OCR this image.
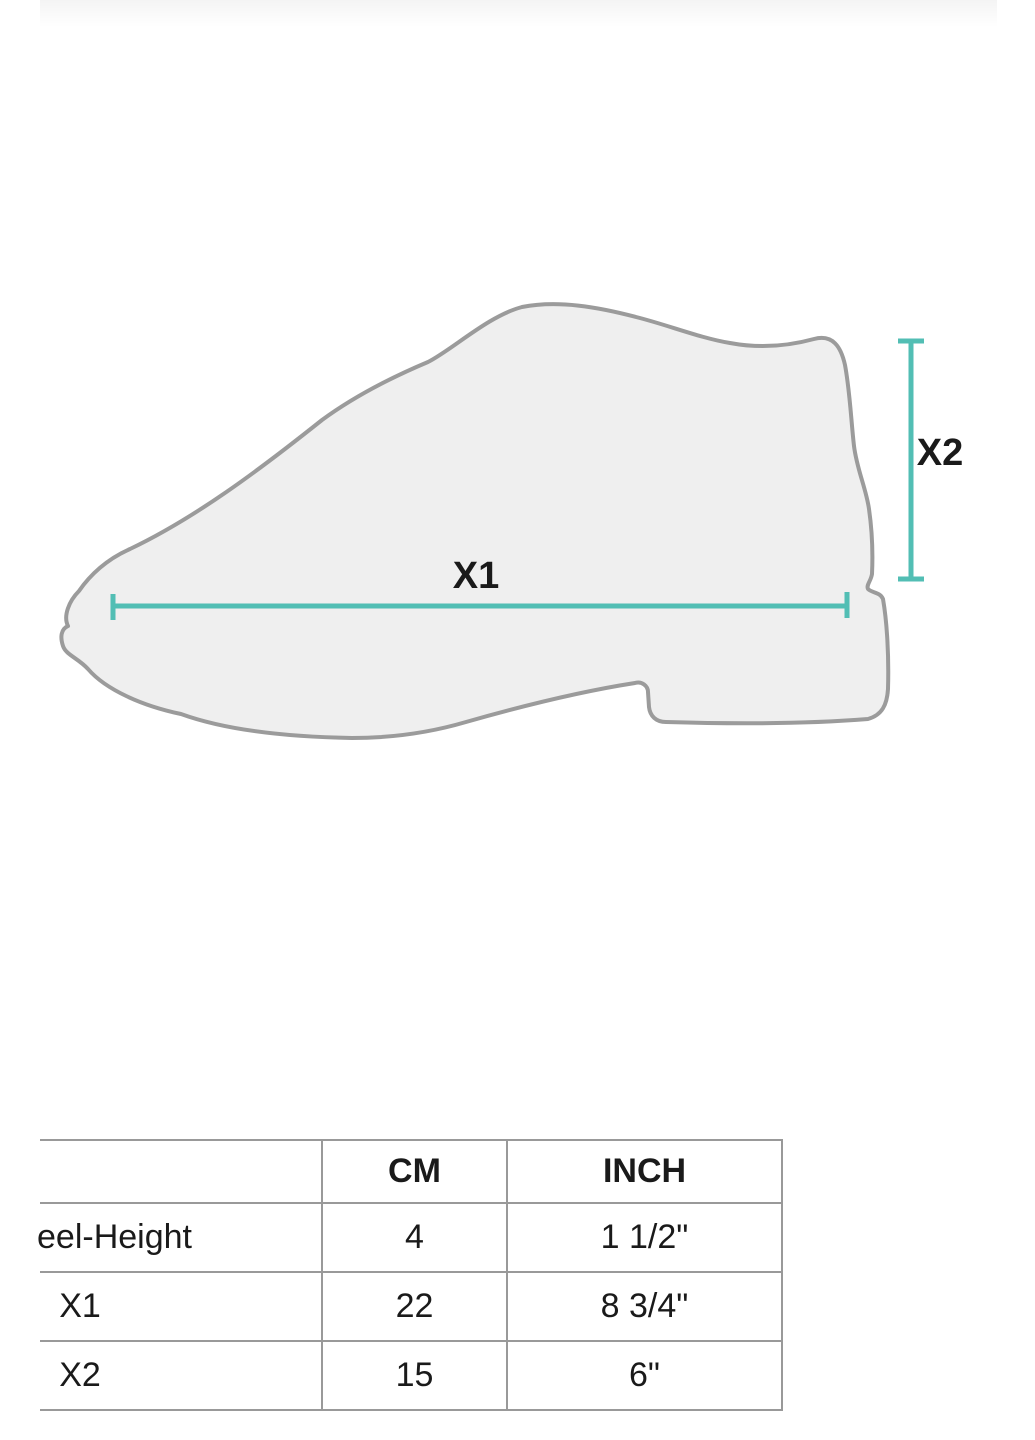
X1
X2
	CM	INCH
eel-Height	4	1 1/2"
X1	22	8 3/4"
X2	15	6"
